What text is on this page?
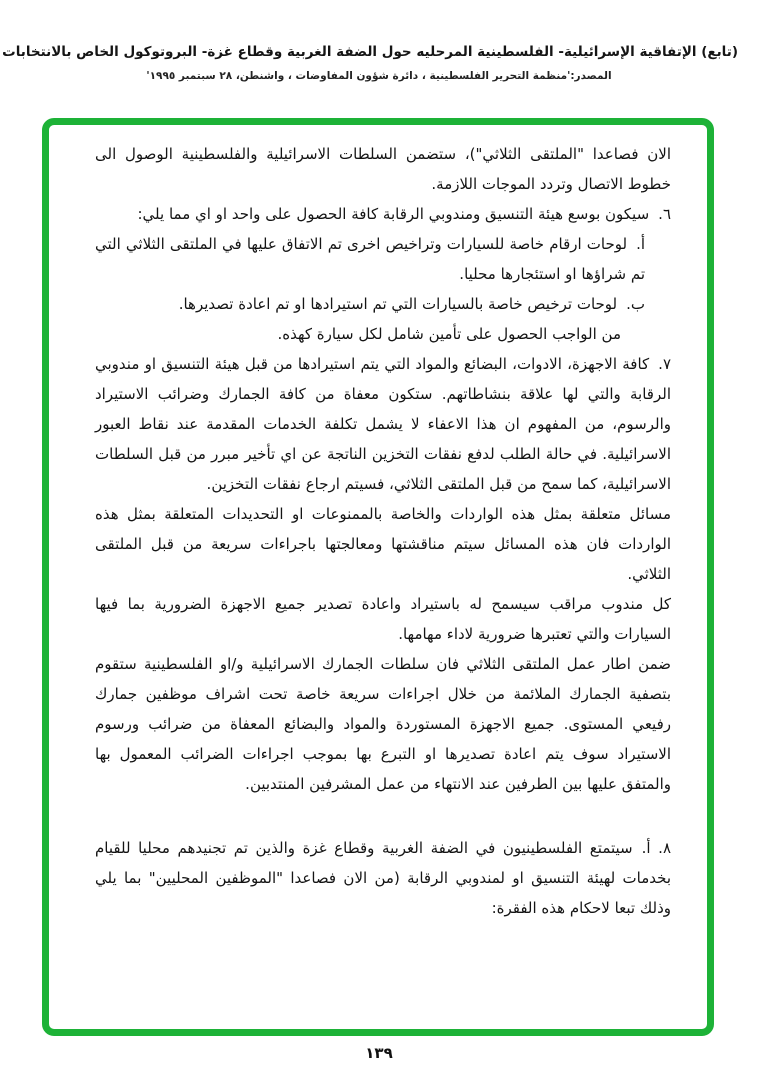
(تابع) الإتفاقية الإسرائيلية- الفلسطينية المرحليه حول الضفة الغربية وقطاع غزة- البروتوكول الخاص بالانتخابات
المصدر:'منظمة التحرير الفلسطينية ، دائرة شؤون المفاوضات ، واشنطن، ٢٨ سبتمبر ١٩٩٥'
الان فصاعدا "الملتقى الثلاثي")، ستضمن السلطات الاسرائيلية والفلسطينية الوصول الى خطوط الاتصال وتردد الموجات اللازمة.
٦.سيكون بوسع هيئة التنسيق ومندوبي الرقابة كافة الحصول على واحد او اي مما يلي:
أ.لوحات ارقام خاصة للسيارات وتراخيص اخرى تم الاتفاق عليها في الملتقى الثلاثي التي تم شراؤها او استئجارها محليا.
ب.لوحات ترخيص خاصة بالسيارات التي تم استيرادها او تم اعادة تصديرها.
من الواجب الحصول على تأمين شامل لكل سيارة كهذه.
٧.كافة الاجهزة، الادوات، البضائع والمواد التي يتم استيرادها من قبل هيئة التنسيق او مندوبي الرقابة والتي لها علاقة بنشاطاتهم. ستكون معفاة من كافة الجمارك وضرائب الاستيراد والرسوم، من المفهوم ان هذا الاعفاء لا يشمل تكلفة الخدمات المقدمة عند نقاط العبور الاسرائيلية. في حالة الطلب لدفع نفقات التخزين الناتجة عن اي تأخير مبرر من قبل السلطات الاسرائيلية، كما سمح من قبل الملتقى الثلاثي، فسيتم ارجاع نفقات التخزين.
مسائل متعلقة بمثل هذه الواردات والخاصة بالممنوعات او التحديدات المتعلقة بمثل هذه الواردات فان هذه المسائل سيتم مناقشتها ومعالجتها باجراءات سريعة من قبل الملتقى الثلاثي.
كل مندوب مراقب سيسمح له باستيراد واعادة تصدير جميع الاجهزة الضرورية بما فيها السيارات والتي تعتبرها ضرورية لاداء مهامها.
ضمن اطار عمل الملتقى الثلاثي فان سلطات الجمارك الاسرائيلية و/او الفلسطينية ستقوم بتصفية الجمارك الملائمة من خلال اجراءات سريعة خاصة تحت اشراف موظفين جمارك رفيعي المستوى. جميع الاجهزة المستوردة والمواد والبضائع المعفاة من ضرائب ورسوم الاستيراد سوف يتم اعادة تصديرها او التبرع بها بموجب اجراءات الضرائب المعمول بها والمتفق عليها بين الطرفين عند الانتهاء من عمل المشرفين المنتدبين.
٨. أ.سيتمتع الفلسطينيون في الضفة الغربية وقطاع غزة والذين تم تجنيدهم محليا للقيام بخدمات لهيئة التنسيق او لمندوبي الرقابة (من الان فصاعدا "الموظفين المحليين" بما يلي وذلك تبعا لاحكام هذه الفقرة:
١٣٩
